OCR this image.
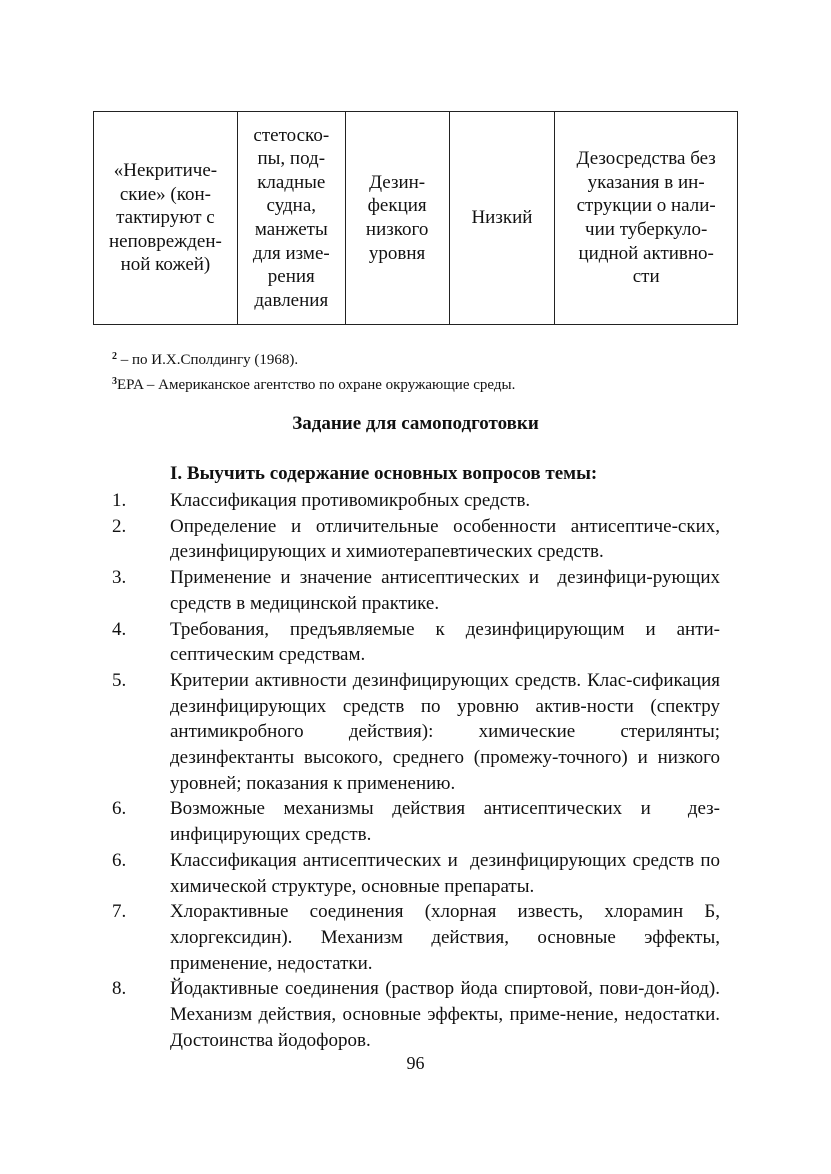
«Некритиче-
ские» (кон-
тактируют с
неповрежден-
ной кожей)	стетоско-
пы, под-
кладные
судна,
манжеты
для изме-
рения
давления	Дезин-
фекция
низкого
уровня	Низкий	Дезосредства без
указания в ин-
струкции о нали-
чии туберкуло-
цидной активно-
сти
$^2$ – по И.Х.Сполдингу (1968).
$^3$EPA – Американское агентство по охране окружающие среды.
Задание для самоподготовки
I. Выучить содержание основных вопросов темы:
1.	Классификация противомикробных средств.
2.	Определение и отличительные особенности антисептиче-ских, дезинфицирующих и химиотерапевтических средств.
3.	Применение и значение антисептических и  дезинфици-рующих средств в медицинской практике.
4.	Требования, предъявляемые к дезинфицирующим и анти-септическим средствам.
5.	Критерии активности дезинфицирующих средств. Клас-сификация дезинфицирующих средств по уровню актив-ности (спектру антимикробного действия): химические стерилянты; дезинфектанты высокого, среднего (промежу-точного) и низкого уровней; показания к применению.
6.	Возможные механизмы действия антисептических и  дез-инфицирующих средств.
6.	Классификация антисептических и  дезинфицирующих средств по химической структуре, основные препараты.
7.	Хлорактивные соединения (хлорная известь, хлорамин Б, хлоргексидин). Механизм действия, основные эффекты, применение, недостатки.
8.	Йодактивные соединения (раствор йода спиртовой, пови-дон-йод). Механизм действия, основные эффекты, приме-нение, недостатки. Достоинства йодофоров.
96
